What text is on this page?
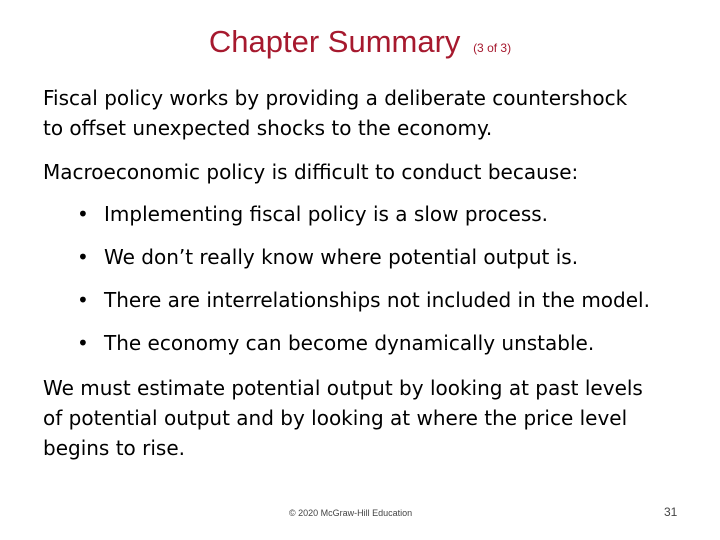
Chapter Summary (3 of 3)
Fiscal policy works by providing a deliberate countershock
to offset unexpected shocks to the economy.
Macroeconomic policy is difficult to conduct because:
• Implementing fiscal policy is a slow process.
• We don’t really know where potential output is.
• There are interrelationships not included in the model.
• The economy can become dynamically unstable.
We must estimate potential output by looking at past levels
of potential output and by looking at where the price level
begins to rise.
© 2020 McGraw-Hill Education	31
